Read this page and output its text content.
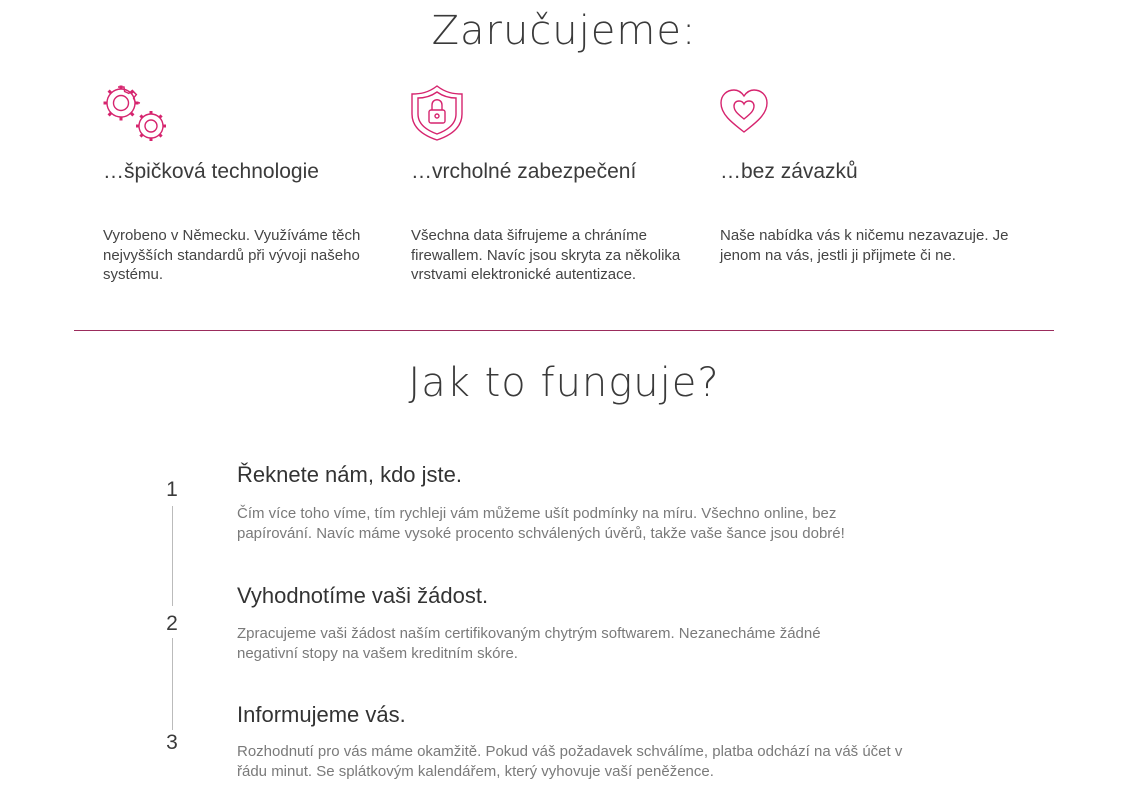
Zaručujeme:
…špičková technologie
Vyrobeno v Německu. Využíváme těch nejvyšších standardů při vývoji našeho systému.
…vrcholné zabezpečení
Všechna data šifrujeme a chráníme firewallem. Navíc jsou skryta za několika vrstvami elektronické autentizace.
…bez závazků
Naše nabídka vás k ničemu nezavazuje. Je jenom na vás, jestli ji přijmete či ne.
Jak to funguje?
1
Řeknete nám, kdo jste.
Čím více toho víme, tím rychleji vám můžeme ušít podmínky na míru. Všechno online, bez papírování. Navíc máme vysoké procento schválených úvěrů, takže vaše šance jsou dobré!
2
Vyhodnotíme vaši žádost.
Zpracujeme vaši žádost naším certifikovaným chytrým softwarem. Nezanecháme žádné negativní stopy na vašem kreditním skóre.
3
Informujeme vás.
Rozhodnutí pro vás máme okamžitě. Pokud váš požadavek schválíme, platba odchází na váš účet v řádu minut. Se splátkovým kalendářem, který vyhovuje vaší peněžence.
